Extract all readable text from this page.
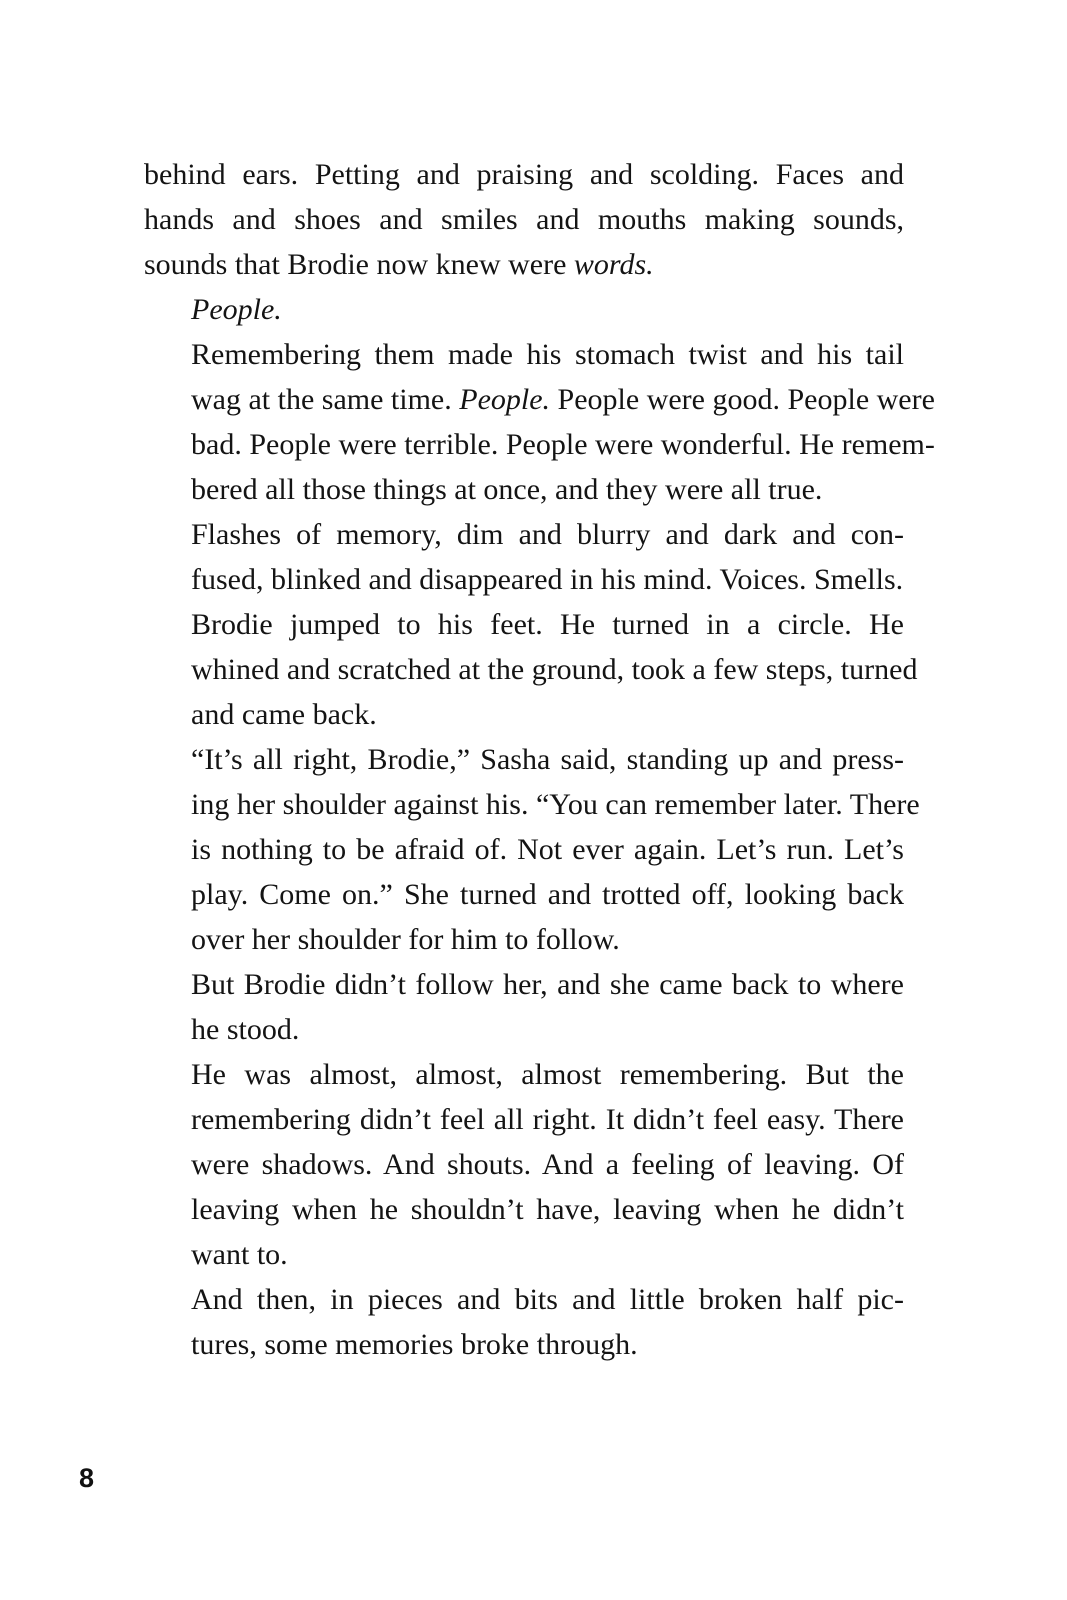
behind ears. Petting and praising and scolding. Faces and
hands and shoes and smiles and mouths making sounds,
sounds that Brodie now knew were words.

People.

Remembering them made his stomach twist and his tail
wag at the same time. People. People were good. People were
bad. People were terrible. People were wonderful. He remem-
bered all those things at once, and they were all true.

Flashes of memory, dim and blurry and dark and con-
fused, blinked and disappeared in his mind. Voices. Smells.

Brodie jumped to his feet. He turned in a circle. He
whined and scratched at the ground, took a few steps, turned
and came back.

“It’s all right, Brodie,” Sasha said, standing up and press-
ing her shoulder against his. “You can remember later. There
is nothing to be afraid of. Not ever again. Let’s run. Let’s
play. Come on.” She turned and trotted off, looking back
over her shoulder for him to follow.

But Brodie didn’t follow her, and she came back to where
he stood.

He was almost, almost, almost remembering. But the
remembering didn’t feel all right. It didn’t feel easy. There
were shadows. And shouts. And a feeling of leaving. Of
leaving when he shouldn’t have, leaving when he didn’t
want to.

And then, in pieces and bits and little broken half pic-
tures, some memories broke through.

8
